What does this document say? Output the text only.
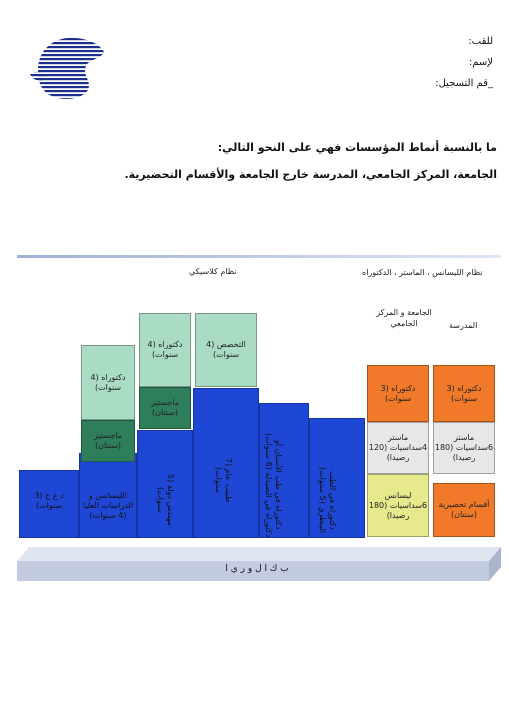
للقب:
لإسم:
_قم التسجيل:
ما بالنسبة أنماط المؤسسات فهي على النحو التالي:
الجامعة، المركز الجامعي، المدرسة خارج الجامعة والأقسام التحضيرية.
نظام كلاسيكي	نظام الليسانس ، الماستر ، الدكتوراه
الجامعة و المركز الجامعي	المدرسة
ماجستير (سنتان)
دكتوراه (4 سنوات)
ماجستير (سنتان)
دكتوراه (4 سنوات)
التخصص (4 سنوات)
د ع ج (3 سنوات)
الليسانس و الدراسات العليا (4 سنوات)
مهندس دولة (5 سنوات)
طبيب عام (7 سنوات)	دكتوراه في طب الأسنان أو دكتوراه في الصيدلة (6 سنوات)	دكتوراه في الطب البيطري (5 سنوات)
دكتوراه (3 سنوات)
ماستر 4سداسيات (120 رصيدا)
ليسانس 6سداسيات (180 رصيدا)
دكتوراه (3 سنوات)
ماستر 6سداسيات (180 رصيدا)
أقسام تحضيرية (سنتان)
ب ك ا ل و ر ي ا
